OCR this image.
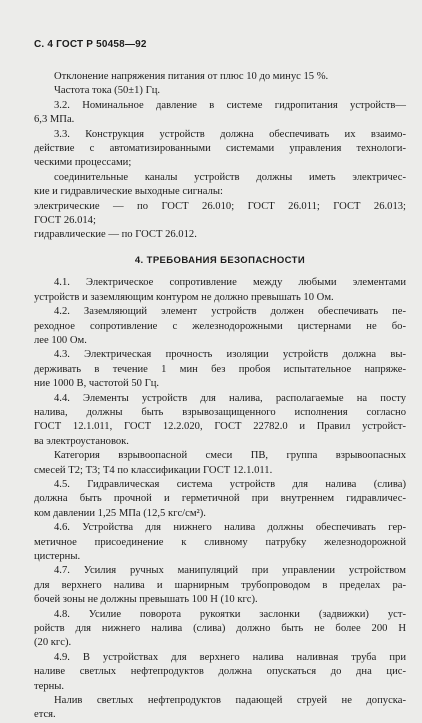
С. 4 ГОСТ Р 50458—92
Отклонение напряжения питания от плюс 10 до минус 15 %.
Частота тока (50±1) Гц.
3.2. Номинальное давление в системе гидропитания устройств—
6,3 МПа.
3.3. Конструкция устройств должна обеспечивать их взаимо-
действие с автоматизированными системами управления технологи-
ческими процессами;
соединительные каналы устройств должны иметь электричес-
кие и гидравлические выходные сигналы:
электрические — по ГОСТ 26.010; ГОСТ 26.011; ГОСТ 26.013;
ГОСТ 26.014;
гидравлические — по ГОСТ 26.012.
4. ТРЕБОВАНИЯ БЕЗОПАСНОСТИ
4.1. Электрическое сопротивление между любыми элементами
устройств и заземляющим контуром не должно превышать 10 Ом.
4.2. Заземляющий элемент устройств должен обеспечивать пе-
реходное сопротивление с железнодорожными цистернами не бо-
лее 100 Ом.
4.3. Электрическая прочность изоляции устройств должна вы-
держивать в течение 1 мин без пробоя испытательное напряже-
ние 1000 В, частотой 50 Гц.
4.4. Элементы устройств для налива, располагаемые на посту
налива, должны быть взрывозащищенного исполнения согласно
ГОСТ 12.1.011, ГОСТ 12.2.020, ГОСТ 22782.0 и Правил устройст-
ва электроустановок.
Категория взрывоопасной смеси ПВ, группа взрывоопасных
смесей Т2; Т3; Т4 по классификации ГОСТ 12.1.011.
4.5. Гидравлическая система устройств для налива (слива)
должна быть прочной и герметичной при внутреннем гидравличес-
ком давлении 1,25 МПа (12,5 кгс/см²).
4.6. Устройства для нижнего налива должны обеспечивать гер-
метичное присоединение к сливному патрубку железнодорожной
цистерны.
4.7. Усилия ручных манипуляций при управлении устройством
для верхнего налива и шарнирным трубопроводом в пределах ра-
бочей зоны не должны превышать 100 Н (10 кгс).
4.8. Усилие поворота рукоятки заслонки (задвижки) уст-
ройств для нижнего налива (слива) должно быть не более 200 Н
(20 кгс).
4.9. В устройствах для верхнего налива наливная труба при
наливе светлых нефтепродуктов должна опускаться до дна цис-
терны.
Налив светлых нефтепродуктов падающей струей не допуска-
ется.
